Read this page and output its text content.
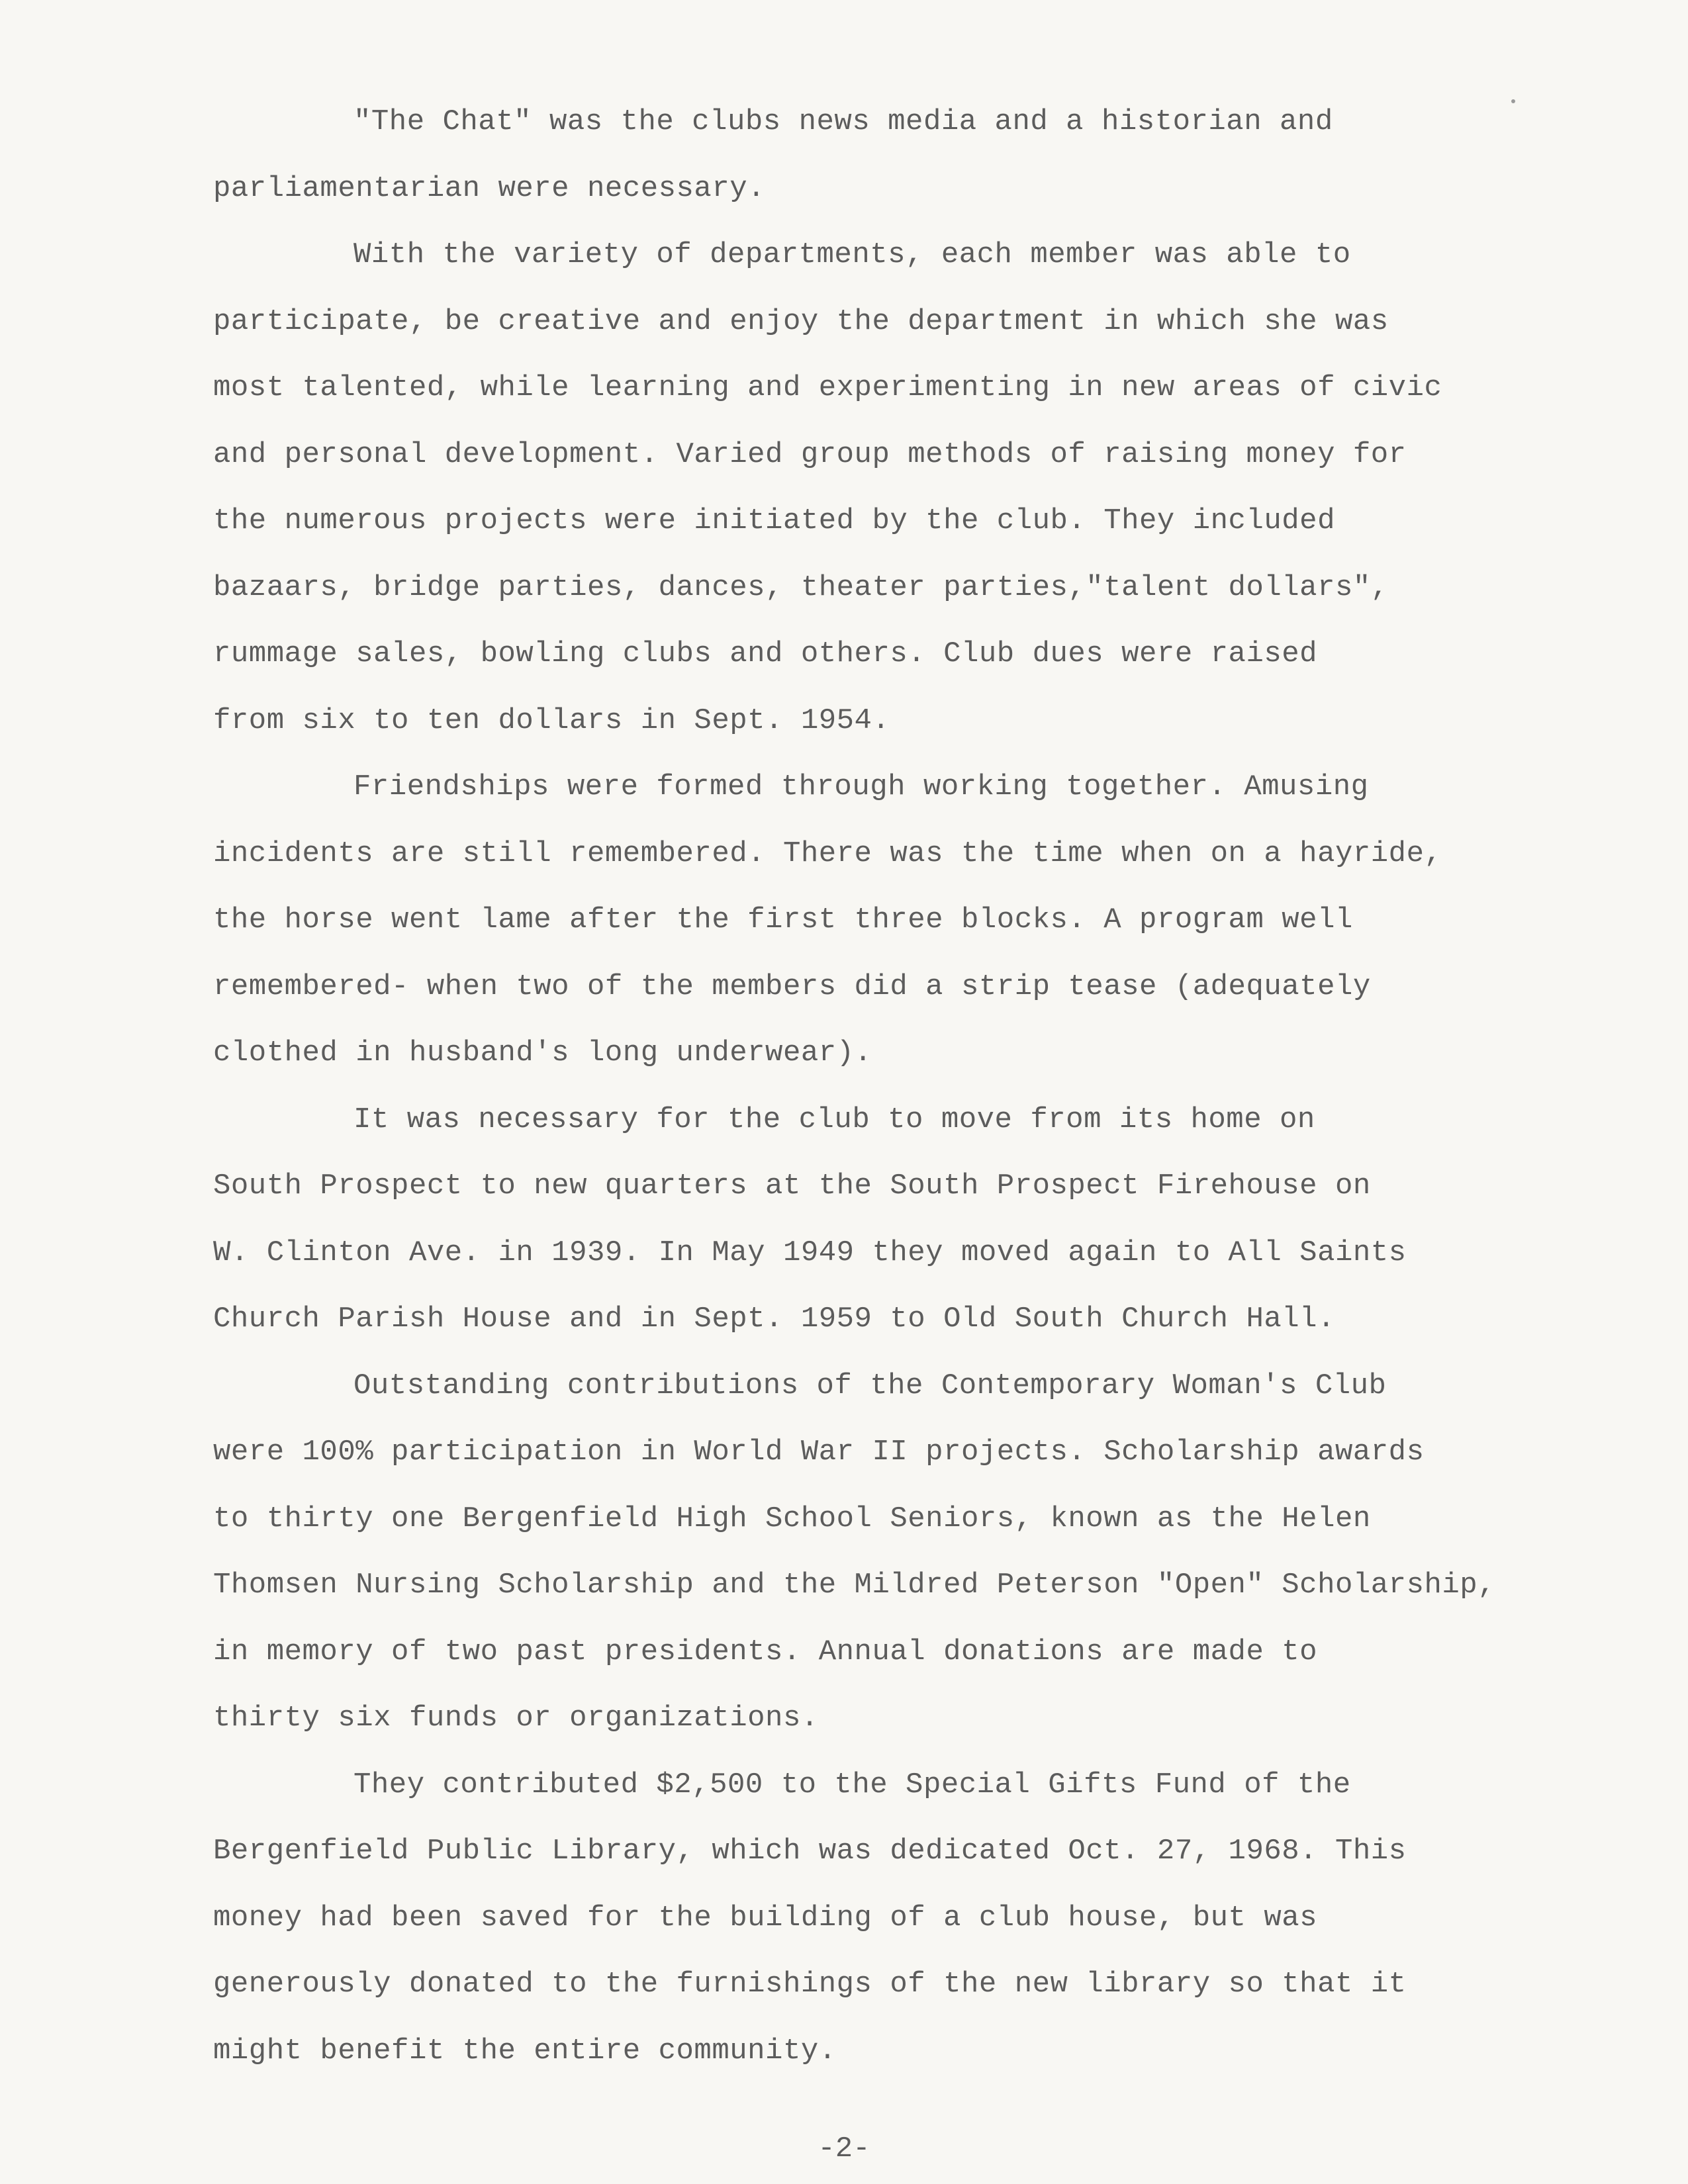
"The Chat" was the clubs news media and a historian and
parliamentarian were necessary.
With the variety of departments, each member was able to
participate, be creative and enjoy the department in which she was
most talented, while learning and experimenting in new areas of civic
and personal development. Varied group methods of raising money for
the numerous projects were initiated by the club. They included
bazaars, bridge parties, dances, theater parties,"talent dollars",
rummage sales, bowling clubs and others. Club dues were raised
from six to ten dollars in Sept. 1954.
Friendships were formed through working together. Amusing
incidents are still remembered. There was the time when on a hayride,
the horse went lame after the first three blocks. A program well
remembered- when two of the members did a strip tease (adequately
clothed in husband's long underwear).
It was necessary for the club to move from its home on
South Prospect to new quarters at the South Prospect Firehouse on
W. Clinton Ave. in 1939. In May 1949 they moved again to All Saints
Church Parish House and in Sept. 1959 to Old South Church Hall.
Outstanding contributions of the Contemporary Woman's Club
were 100% participation in World War II projects. Scholarship awards
to thirty one Bergenfield High School Seniors, known as the Helen
Thomsen Nursing Scholarship and the Mildred Peterson "Open" Scholarship,
in memory of two past presidents. Annual donations are made to
thirty six funds or organizations.
They contributed $2,500 to the Special Gifts Fund of the
Bergenfield Public Library, which was dedicated Oct. 27, 1968. This
money had been saved for the building of a club house, but was
generously donated to the furnishings of the new library so that it
might benefit the entire community.
-2-
